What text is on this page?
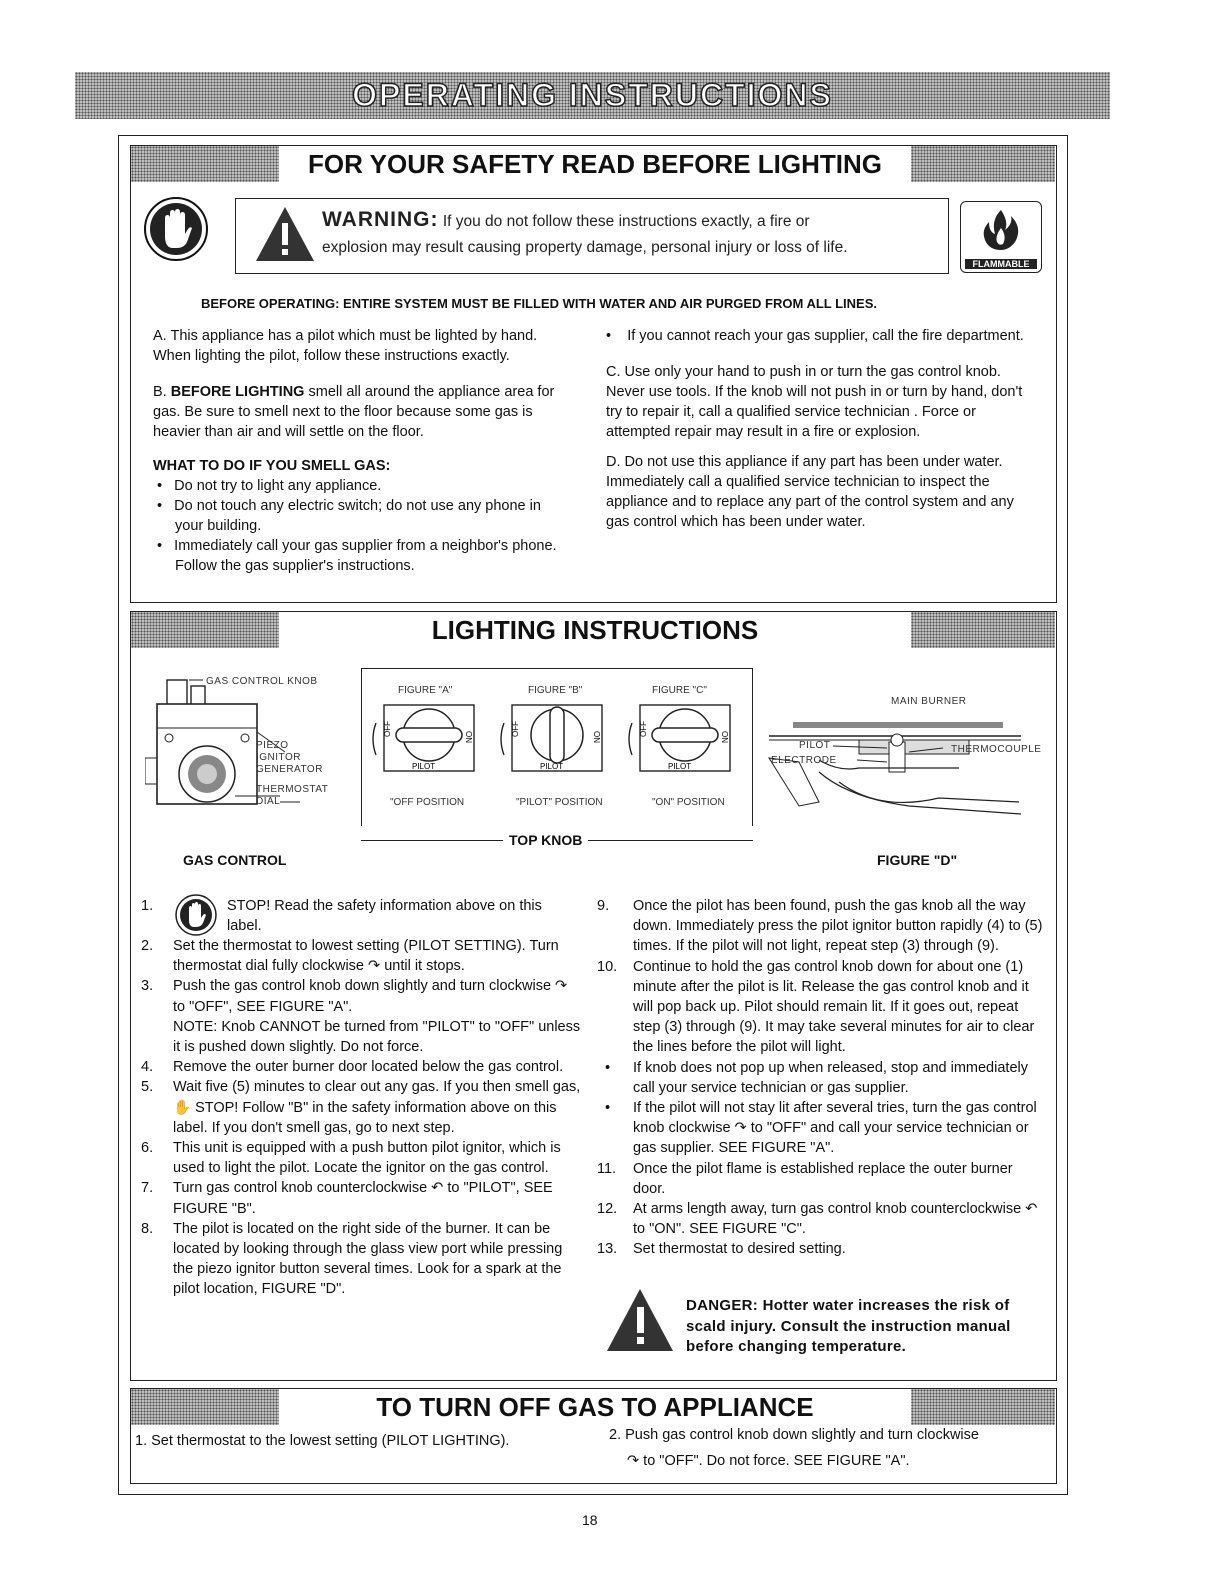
OPERATING INSTRUCTIONS
FOR YOUR SAFETY READ BEFORE LIGHTING
WARNING: If you do not follow these instructions exactly, a fire or
explosion may result causing property damage, personal injury or loss of life.
FLAMMABLE
BEFORE OPERATING: ENTIRE SYSTEM MUST BE FILLED WITH WATER AND AIR PURGED FROM ALL LINES.

A. This appliance has a pilot which must be lighted by hand. When lighting the pilot, follow these instructions exactly.

B. BEFORE LIGHTING smell all around the appliance area for gas. Be sure to smell next to the floor because some gas is heavier than air and will settle on the floor.

WHAT TO DO IF YOU SMELL GAS:

•   Do not try to light any appliance.

•   Do not touch any electric switch; do not use any phone in your building.

•   Immediately call your gas supplier from a neighbor's phone. Follow the gas supplier's instructions.

•    If you cannot reach your gas supplier, call the fire department.

C. Use only your hand to push in or turn the gas control knob. Never use tools. If the knob will not push in or turn by hand, don't try to repair it, call a qualified service technician . Force or attempted repair may result in a fire or explosion.

D. Do not use this appliance if any part has been under water. Immediately call a qualified service technician to inspect the appliance and to replace any part of the control system and any gas control which has been under water.

LIGHTING INSTRUCTIONS
GAS CONTROL KNOB
PIEZO IGNITOR GENERATOR
THERMOSTAT DIAL
GAS CONTROL
FIGURE "A"	FIGURE "B"	FIGURE "C"
OFF	ON
PILOT
OFF	ON
PILOT
OFF	ON
PILOT
"OFF POSITION	"PILOT" POSITION	"ON" POSITION
TOP KNOB
MAIN BURNER
PILOT
ELECTRODE
THERMOCOUPLE
FIGURE "D"
1.	STOP! Read the safety information above on this label.
2. Set the thermostat to lowest setting (PILOT SETTING). Turn thermostat dial fully clockwise ↷ until it stops.
3. Push the gas control knob down slightly and turn clockwise ↷ to "OFF", SEE FIGURE "A".
NOTE: Knob CANNOT be turned from "PILOT" to "OFF" unless it is pushed down slightly. Do not force.
4. Remove the outer burner door located below the gas control.
5. Wait five (5) minutes to clear out any gas. If you then smell gas, ✋ STOP! Follow "B" in the safety information above on this label. If you don't smell gas, go to next step.
6. This unit is equipped with a push button pilot ignitor, which is used to light the pilot. Locate the ignitor on the gas control.
7. Turn gas control knob counterclockwise ↶ to "PILOT", SEE FIGURE "B".
8. The pilot is located on the right side of the burner. It can be located by looking through the glass view port while pressing the piezo ignitor button several times. Look for a spark at the pilot location, FIGURE "D".
9. Once the pilot has been found, push the gas knob all the way down. Immediately press the pilot ignitor button rapidly (4) to (5) times. If the pilot will not light, repeat step (3) through (9).
10. Continue to hold the gas control knob down for about one (1) minute after the pilot is lit. Release the gas control knob and it will pop back up. Pilot should remain lit. If it goes out, repeat step (3) through (9). It may take several minutes for air to clear the lines before the pilot will light.
• If knob does not pop up when released, stop and immediately call your service technician or gas supplier.
• If the pilot will not stay lit after several tries, turn the gas control knob clockwise ↷ to "OFF" and call your service technician or gas supplier. SEE FIGURE "A".
11. Once the pilot flame is established replace the outer burner door.
12. At arms length away, turn gas control knob counterclockwise ↶ to "ON". SEE FIGURE "C".
13. Set thermostat to desired setting.
DANGER: Hotter water increases the risk of scald injury. Consult the instruction manual before changing temperature.
TO TURN OFF GAS TO APPLIANCE
1. Set thermostat to the lowest setting (PILOT LIGHTING).	2. Push gas control knob down slightly and turn clockwise
↷ to "OFF". Do not force. SEE FIGURE "A".
18
